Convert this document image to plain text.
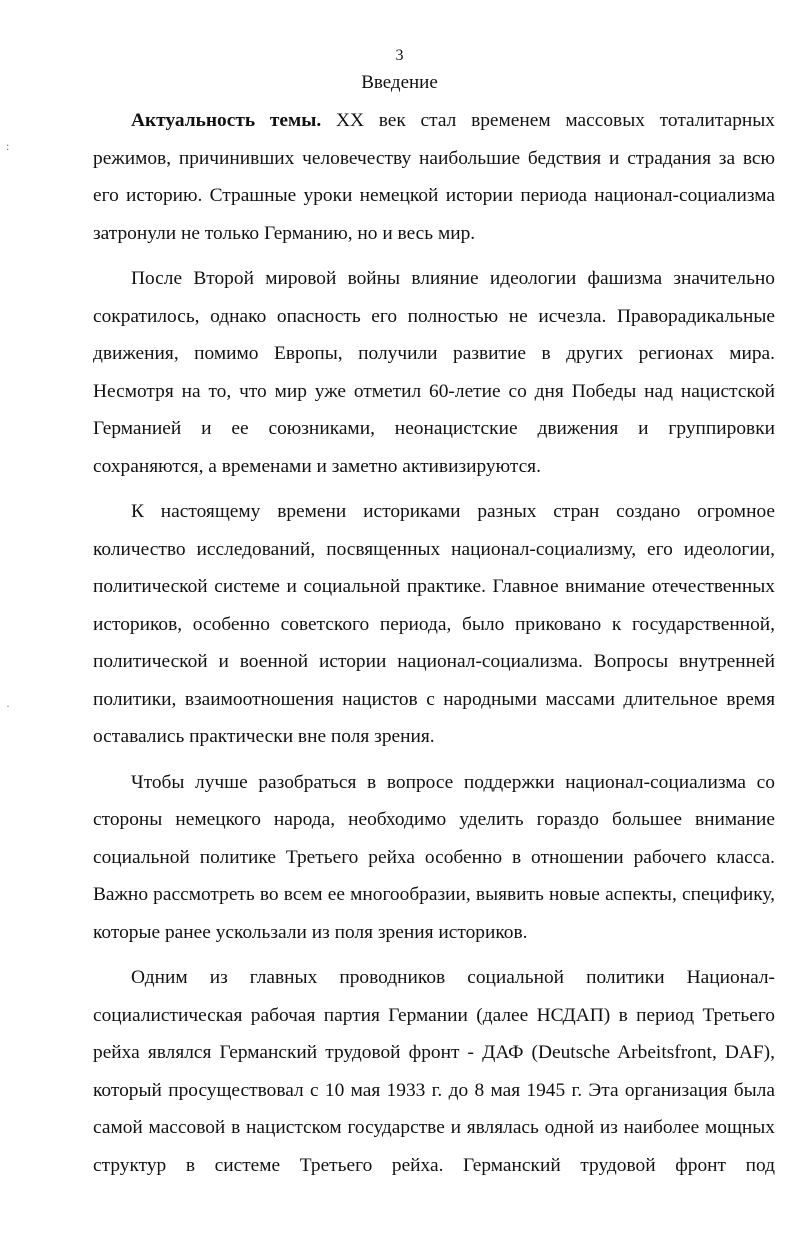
:
·
3
Введение

Актуальность темы. XX век стал временем массовых тоталитарных режимов, причинивших человечеству наибольшие бедствия и страдания за всю его историю. Страшные уроки немецкой истории периода национал-социализма затронули не только Германию, но и весь мир.

После Второй мировой войны влияние идеологии фашизма значительно сократилось, однако опасность его полностью не исчезла. Праворадикальные движения, помимо Европы, получили развитие в других регионах мира. Несмотря на то, что мир уже отметил 60-летие со дня Победы над нацистской Германией и ее союзниками, неонацистские движения и группировки сохраняются, а временами и заметно активизируются.

К настоящему времени историками разных стран создано огромное количество исследований, посвященных национал-социализму, его идеологии, политической системе и социальной практике. Главное внимание отечественных историков, особенно советского периода, было приковано к государственной, политической и военной истории национал-социализма. Вопросы внутренней политики, взаимоотношения нацистов с народными массами длительное время оставались практически вне поля зрения.

Чтобы лучше разобраться в вопросе поддержки национал-социализма со стороны немецкого народа, необходимо уделить гораздо большее внимание социальной политике Третьего рейха особенно в отношении рабочего класса. Важно рассмотреть во всем ее многообразии, выявить новые аспекты, специфику, которые ранее ускользали из поля зрения историков.

Одним из главных проводников социальной политики Национал-социалистическая рабочая партия Германии (далее НСДАП) в период Третьего рейха являлся Германский трудовой фронт - ДАФ (Deutsche Arbeitsfront, DAF), который просуществовал с 10 мая 1933 г. до 8 мая 1945 г. Эта организация была самой массовой в нацистском государстве и являлась одной из наиболее мощных структур в системе Третьего рейха. Германский трудовой фронт под
